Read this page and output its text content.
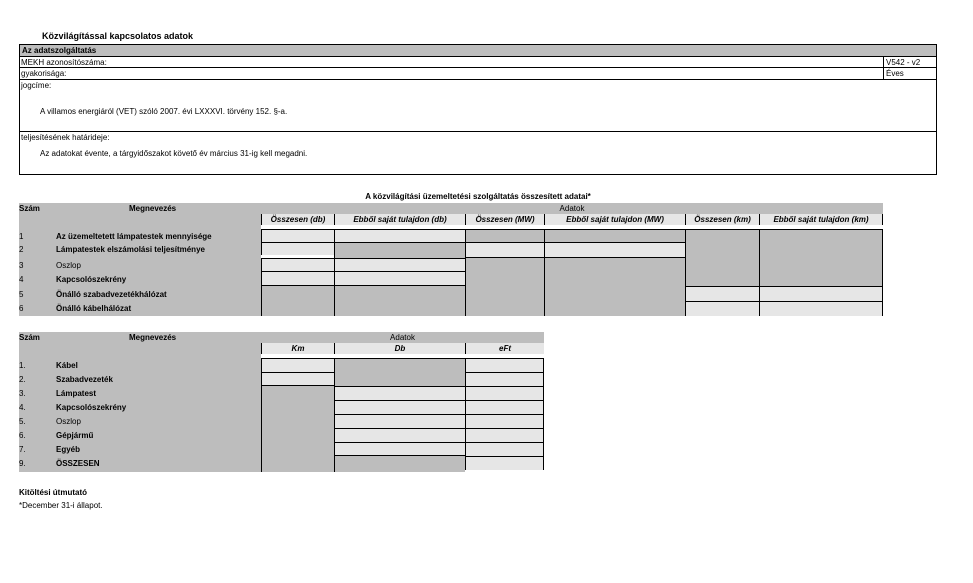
Közvilágítással kapcsolatos adatok
Az adatszolgáltatás
MEKH azonosítószáma:	V542 - v2
gyakorisága:	Éves
jogcíme:
A villamos energiáról (VET) szóló 2007. évi LXXXVI. törvény 152. §-a.
teljesítésének határideje:
Az adatokat évente, a tárgyidőszakot követő év március 31-ig kell megadni.
A közvilágítási üzemeltetési szolgáltatás összesített adatai*
Szám	Megnevezés	Adatok
Összesen (db)	Ebből saját tulajdon (db)	Összesen (MW)	Ebből saját tulajdon (MW)	Összesen (km)	Ebből saját tulajdon (km)
1	Az üzemeltetett lámpatestek mennyisége
2	Lámpatestek elszámolási teljesítménye
3	Oszlop
4	Kapcsolószekrény
5	Önálló szabadvezetékhálózat
6	Önálló kábelhálózat
Szám	Megnevezés	Adatok
Km	Db	eFt
1.	Kábel
2.	Szabadvezeték
3.	Lámpatest
4.	Kapcsolószekrény
5.	Oszlop
6.	Gépjármű
7.	Egyéb
9.	ÖSSZESEN
Kitöltési útmutató
*December 31-i állapot.
